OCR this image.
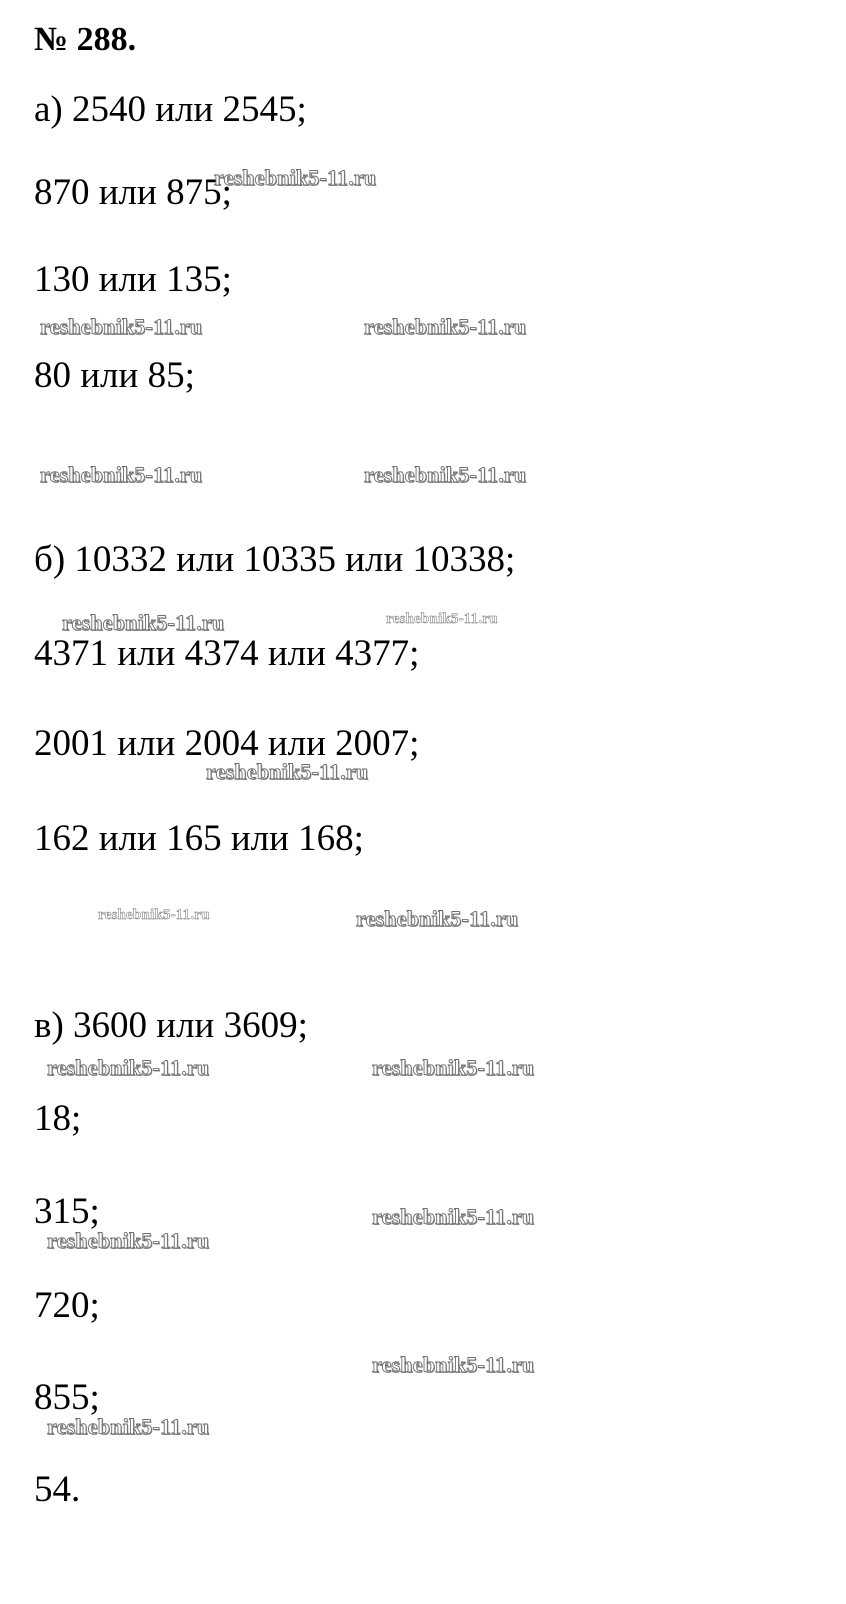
№ 288.
а) 2540 или 2545;
870 или 875;
130 или 135;
80 или 85;
б) 10332 или 10335 или 10338;
4371 или 4374 или 4377;
2001 или 2004 или 2007;
162 или 165 или 168;
в) 3600 или 3609;
18;
315;
720;
855;
54.
reshebnik5-11.ru
reshebnik5-11.ru	reshebnik5-11.ru
reshebnik5-11.ru	reshebnik5-11.ru
reshebnik5-11.ru	reshebnik5-11.ru
reshebnik5-11.ru
reshebnik5-11.ru	reshebnik5-11.ru
reshebnik5-11.ru	reshebnik5-11.ru
reshebnik5-11.ru
reshebnik5-11.ru
reshebnik5-11.ru
reshebnik5-11.ru
